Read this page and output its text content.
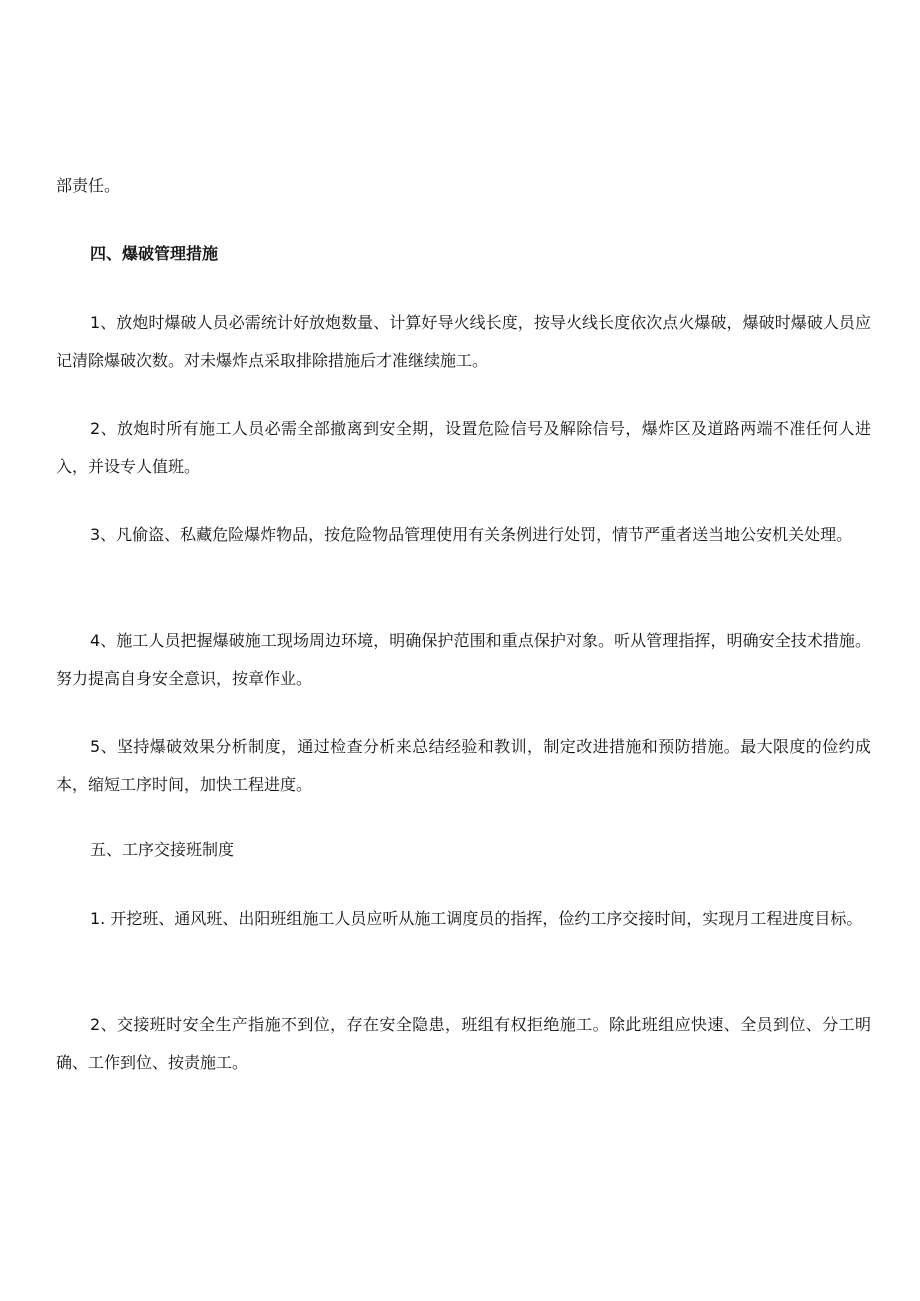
部责任。

四、爆破管理措施

1、放炮时爆破人员必需统计好放炮数量、计算好导火线长度，按导火线长度依次点火爆破，爆破时爆破人员应记清除爆破次数。对未爆炸点采取排除措施后才准继续施工。

2、放炮时所有施工人员必需全部撤离到安全期，设置危险信号及解除信号，爆炸区及道路两端不准任何人进入，并设专人值班。

3、凡偷盗、私藏危险爆炸物品，按危险物品管理使用有关条例进行处罚，情节严重者送当地公安机关处理。

4、施工人员把握爆破施工现场周边环境，明确保护范围和重点保护对象。听从管理指挥，明确安全技术措施。努力提高自身安全意识，按章作业。

5、坚持爆破效果分析制度，通过检查分析来总结经验和教训，制定改进措施和预防措施。最大限度的俭约成本，缩短工序时间，加快工程进度。

五、工序交接班制度

1. 开挖班、通风班、出阳班组施工人员应听从施工调度员的指挥，俭约工序交接时间，实现月工程进度目标。

2、交接班时安全生产指施不到位，存在安全隐患，班组有权拒绝施工。除此班组应快速、全员到位、分工明确、工作到位、按责施工。
